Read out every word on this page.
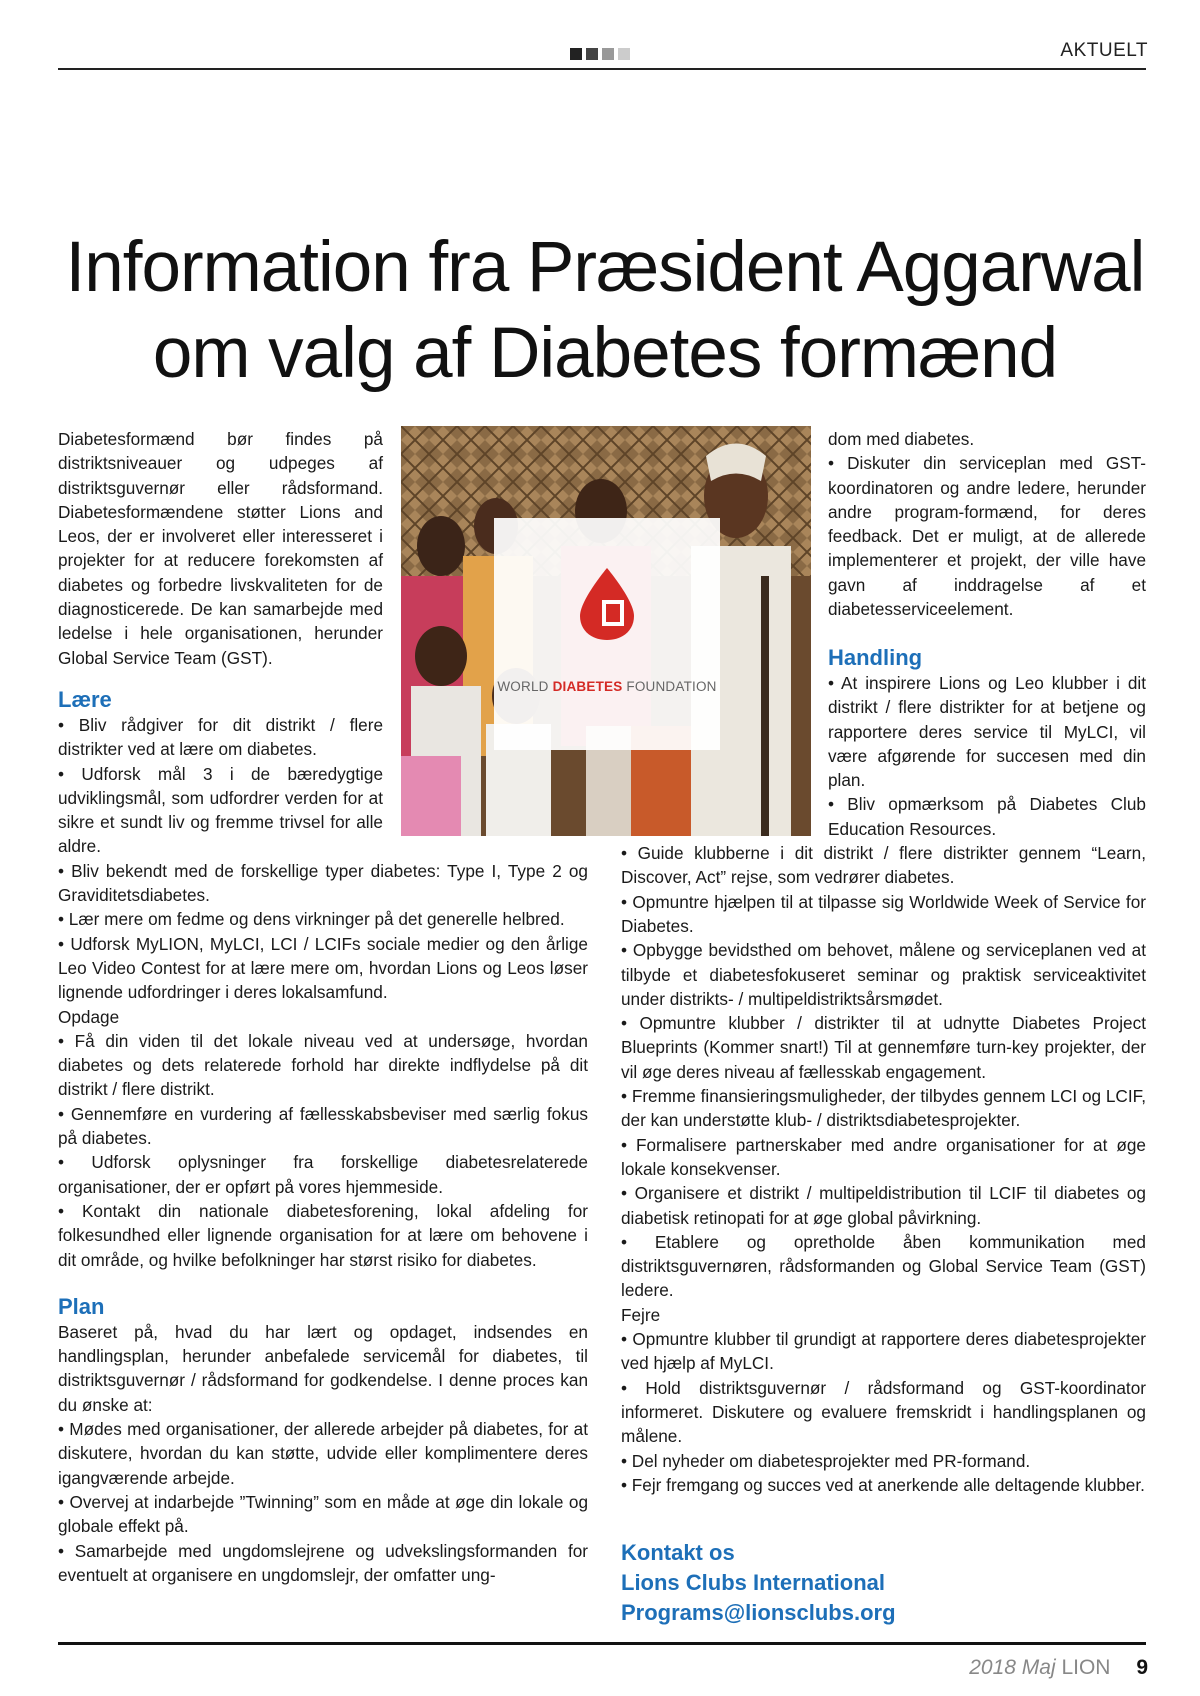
AKTUELT
Information fra Præsident Aggarwal
om valg af Diabetes formænd

Diabetesformænd bør findes på distriktsniveauer og udpeges af distriktsguvernør eller rådsformand. Diabetesformændene støtter Lions and Leos, der er involveret eller interesseret i projekter for at reducere forekomsten af diabetes og forbedre livskvaliteten for de diagnosticerede. De kan samarbejde med ledelse i hele organisationen, herunder Global Service Team (GST).

Lære

• Bliv rådgiver for dit distrikt / flere distrikter ved at lære om diabetes.

• Udforsk mål 3 i de bæredygtige udviklingsmål, som udfordrer verden for at sikre et sundt liv og fremme trivsel for alle aldre.

• Bliv bekendt med de forskellige typer diabetes: Type I, Type 2 og Graviditetsdiabetes.

• Lær mere om fedme og dens virkninger på det generelle helbred.

• Udforsk MyLION, MyLCI, LCI / LCIFs sociale medier og den årlige Leo Video Contest for at lære mere om, hvordan Lions og Leos løser lignende udfordringer i deres lokalsamfund.

Opdage

• Få din viden til det lokale niveau ved at undersøge, hvordan diabetes og dets relaterede forhold har direkte indflydelse på dit distrikt / flere distrikt.

• Gennemføre en vurdering af fællesskabsbeviser med særlig fokus på diabetes.

• Udforsk oplysninger fra forskellige diabetesrelaterede organisationer, der er opført på vores hjemmeside.

• Kontakt din nationale diabetesforening, lokal afdeling for folkesundhed eller lignende organisation for at lære om behovene i dit område, og hvilke befolkninger har størst risiko for diabetes.

Plan

Baseret på, hvad du har lært og opdaget, indsendes en handlingsplan, herunder anbefalede servicemål for diabetes, til distriktsguvernør / rådsformand for godkendelse. I denne proces kan du ønske at:

• Mødes med organisationer, der allerede arbejder på diabetes, for at diskutere, hvordan du kan støtte, udvide eller komplimentere deres igangværende arbejde.

• Overvej at indarbejde ”Twinning” som en måde at øge din lokale og globale effekt på.

• Samarbejde med ungdomslejrene og udvekslingsformanden for eventuelt at organisere en ungdomslejr, der omfatter ung-

WORLD DIABETES FOUNDATION

dom med diabetes.

• Diskuter din serviceplan med GST-koordinatoren og andre ledere, herunder andre program-formænd, for deres feedback. Det er muligt, at de allerede implementerer et projekt, der ville have gavn af inddragelse af et diabetesserviceelement.

Handling

• At inspirere Lions og Leo klubber i dit distrikt / flere distrikter for at betjene og rapportere deres service til MyLCI, vil være afgørende for succesen med din plan.

• Bliv opmærksom på Diabetes Club Education Resources.

• Guide klubberne i dit distrikt / flere distrikter gennem “Learn, Discover, Act” rejse, som vedrører diabetes.

• Opmuntre hjælpen til at tilpasse sig Worldwide Week of Service for Diabetes.

• Opbygge bevidsthed om behovet, målene og serviceplanen ved at tilbyde et diabetesfokuseret seminar og praktisk serviceaktivitet under distrikts- / multipeldistriktsårsmødet.

• Opmuntre klubber / distrikter til at udnytte Diabetes Project Blueprints (Kommer snart!) Til at gennemføre turn-key projekter, der vil øge deres niveau af fællesskab engagement.

• Fremme finansieringsmuligheder, der tilbydes gennem LCI og LCIF, der kan understøtte klub- / distriktsdiabetesprojekter.

• Formalisere partnerskaber med andre organisationer for at øge lokale konsekvenser.

• Organisere et distrikt / multipeldistribution til LCIF til diabetes og diabetisk retinopati for at øge global påvirkning.

• Etablere og opretholde åben kommunikation med distriktsguvernøren, rådsformanden og Global Service Team (GST) ledere.

Fejre

• Opmuntre klubber til grundigt at rapportere deres diabetesprojekter ved hjælp af MyLCI.

• Hold distriktsguvernør / rådsformand og GST-koordinator informeret. Diskutere og evaluere fremskridt i handlingsplanen og målene.

• Del nyheder om diabetesprojekter med PR-formand.

• Fejr fremgang og succes ved at anerkende alle deltagende klubber.

Kontakt os
Lions Clubs International
Programs@lionsclubs.org
2018 Maj LION 9
